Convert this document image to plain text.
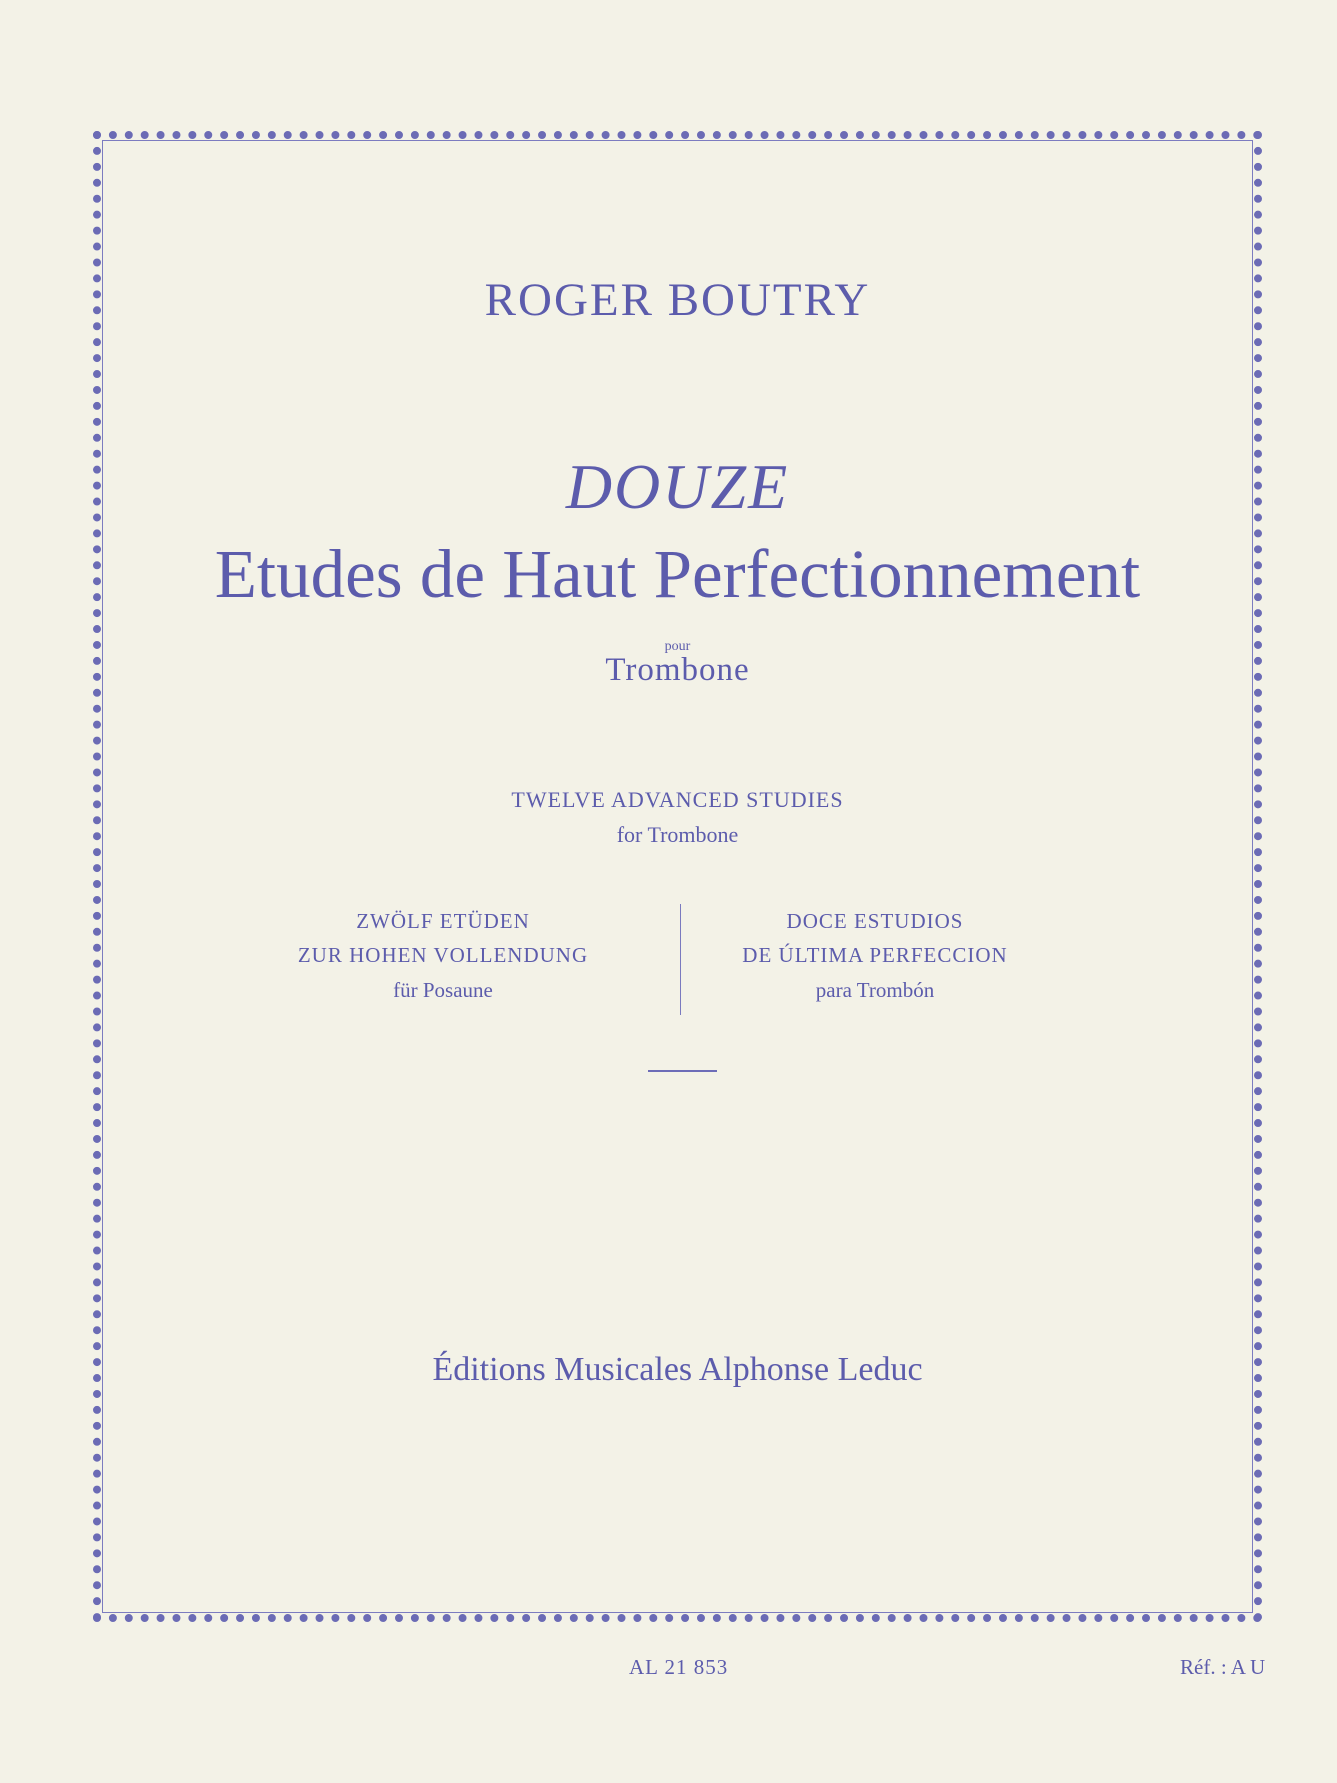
ROGER BOUTRY

DOUZE

Etudes de Haut Perfectionnement

pour

Trombone

TWELVE ADVANCED STUDIES

for Trombone

ZWÖLF ETÜDEN
ZUR HOHEN VOLLENDUNG
für Posaune
DOCE ESTUDIOS
DE ÚLTIMA PERFECCION
para Trombón

Éditions Musicales Alphonse Leduc

AL 21 853	Réf. : A U
